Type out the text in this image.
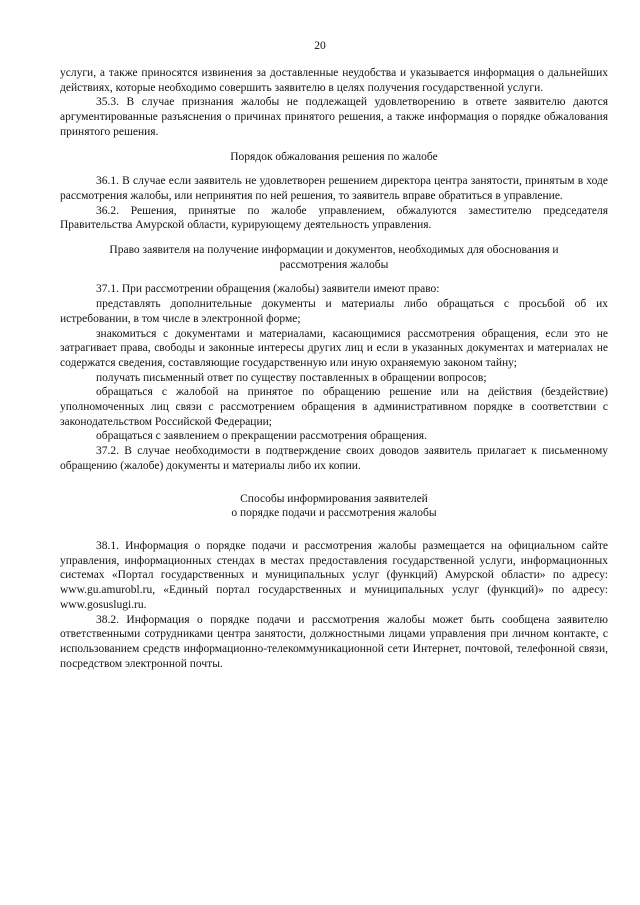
20

услуги, а также приносятся извинения за доставленные неудобства и указывается информация о дальнейших действиях, которые необходимо совершить заявителю в целях получения государственной услуги.

35.3. В случае признания жалобы не подлежащей удовлетворению в ответе заявителю даются аргументированные разъяснения о причинах принятого решения, а также информация о порядке обжалования принятого решения.

Порядок обжалования решения по жалобе

36.1. В случае если заявитель не удовлетворен решением директора центра занятости, принятым в ходе рассмотрения жалобы, или непринятия по ней решения, то заявитель вправе обратиться в управление.

36.2. Решения, принятые по жалобе управлением, обжалуются заместителю председателя Правительства Амурской области, курирующему деятельность управления.

Право заявителя на получение информации и документов, необходимых для обоснования и
рассмотрения жалобы

37.1. При рассмотрении обращения (жалобы) заявители имеют право:

представлять дополнительные документы и материалы либо обращаться с просьбой об их истребовании, в том числе в электронной форме;

знакомиться с документами и материалами, касающимися рассмотрения обращения, если это не затрагивает права, свободы и законные интересы других лиц и если в указанных документах и материалах не содержатся сведения, составляющие государственную или иную охраняемую законом тайну;

получать письменный ответ по существу поставленных в обращении вопросов;

обращаться с жалобой на принятое по обращению решение или на действия (бездействие) уполномоченных лиц связи с рассмотрением обращения в административном порядке в соответствии с законодательством Российской Федерации;

обращаться с заявлением о прекращении рассмотрения обращения.

37.2. В случае необходимости в подтверждение своих доводов заявитель прилагает к письменному обращению (жалобе) документы и материалы либо их копии.

Способы информирования заявителей
о порядке подачи и рассмотрения жалобы

38.1. Информация о порядке подачи и рассмотрения жалобы размещается на официальном сайте управления, информационных стендах в местах предоставления государственной услуги, информационных системах «Портал государственных и муниципальных услуг (функций) Амурской области» по адресу: www.gu.amurobl.ru, «Единый портал государственных и муниципальных услуг (функций)» по адресу: www.gosuslugi.ru.

38.2. Информация о порядке подачи и рассмотрения жалобы может быть сообщена заявителю ответственными сотрудниками центра занятости, должностными лицами управления при личном контакте, с использованием средств информационно-телекоммуникационной сети Интернет, почтовой, телефонной связи, посредством электронной почты.
